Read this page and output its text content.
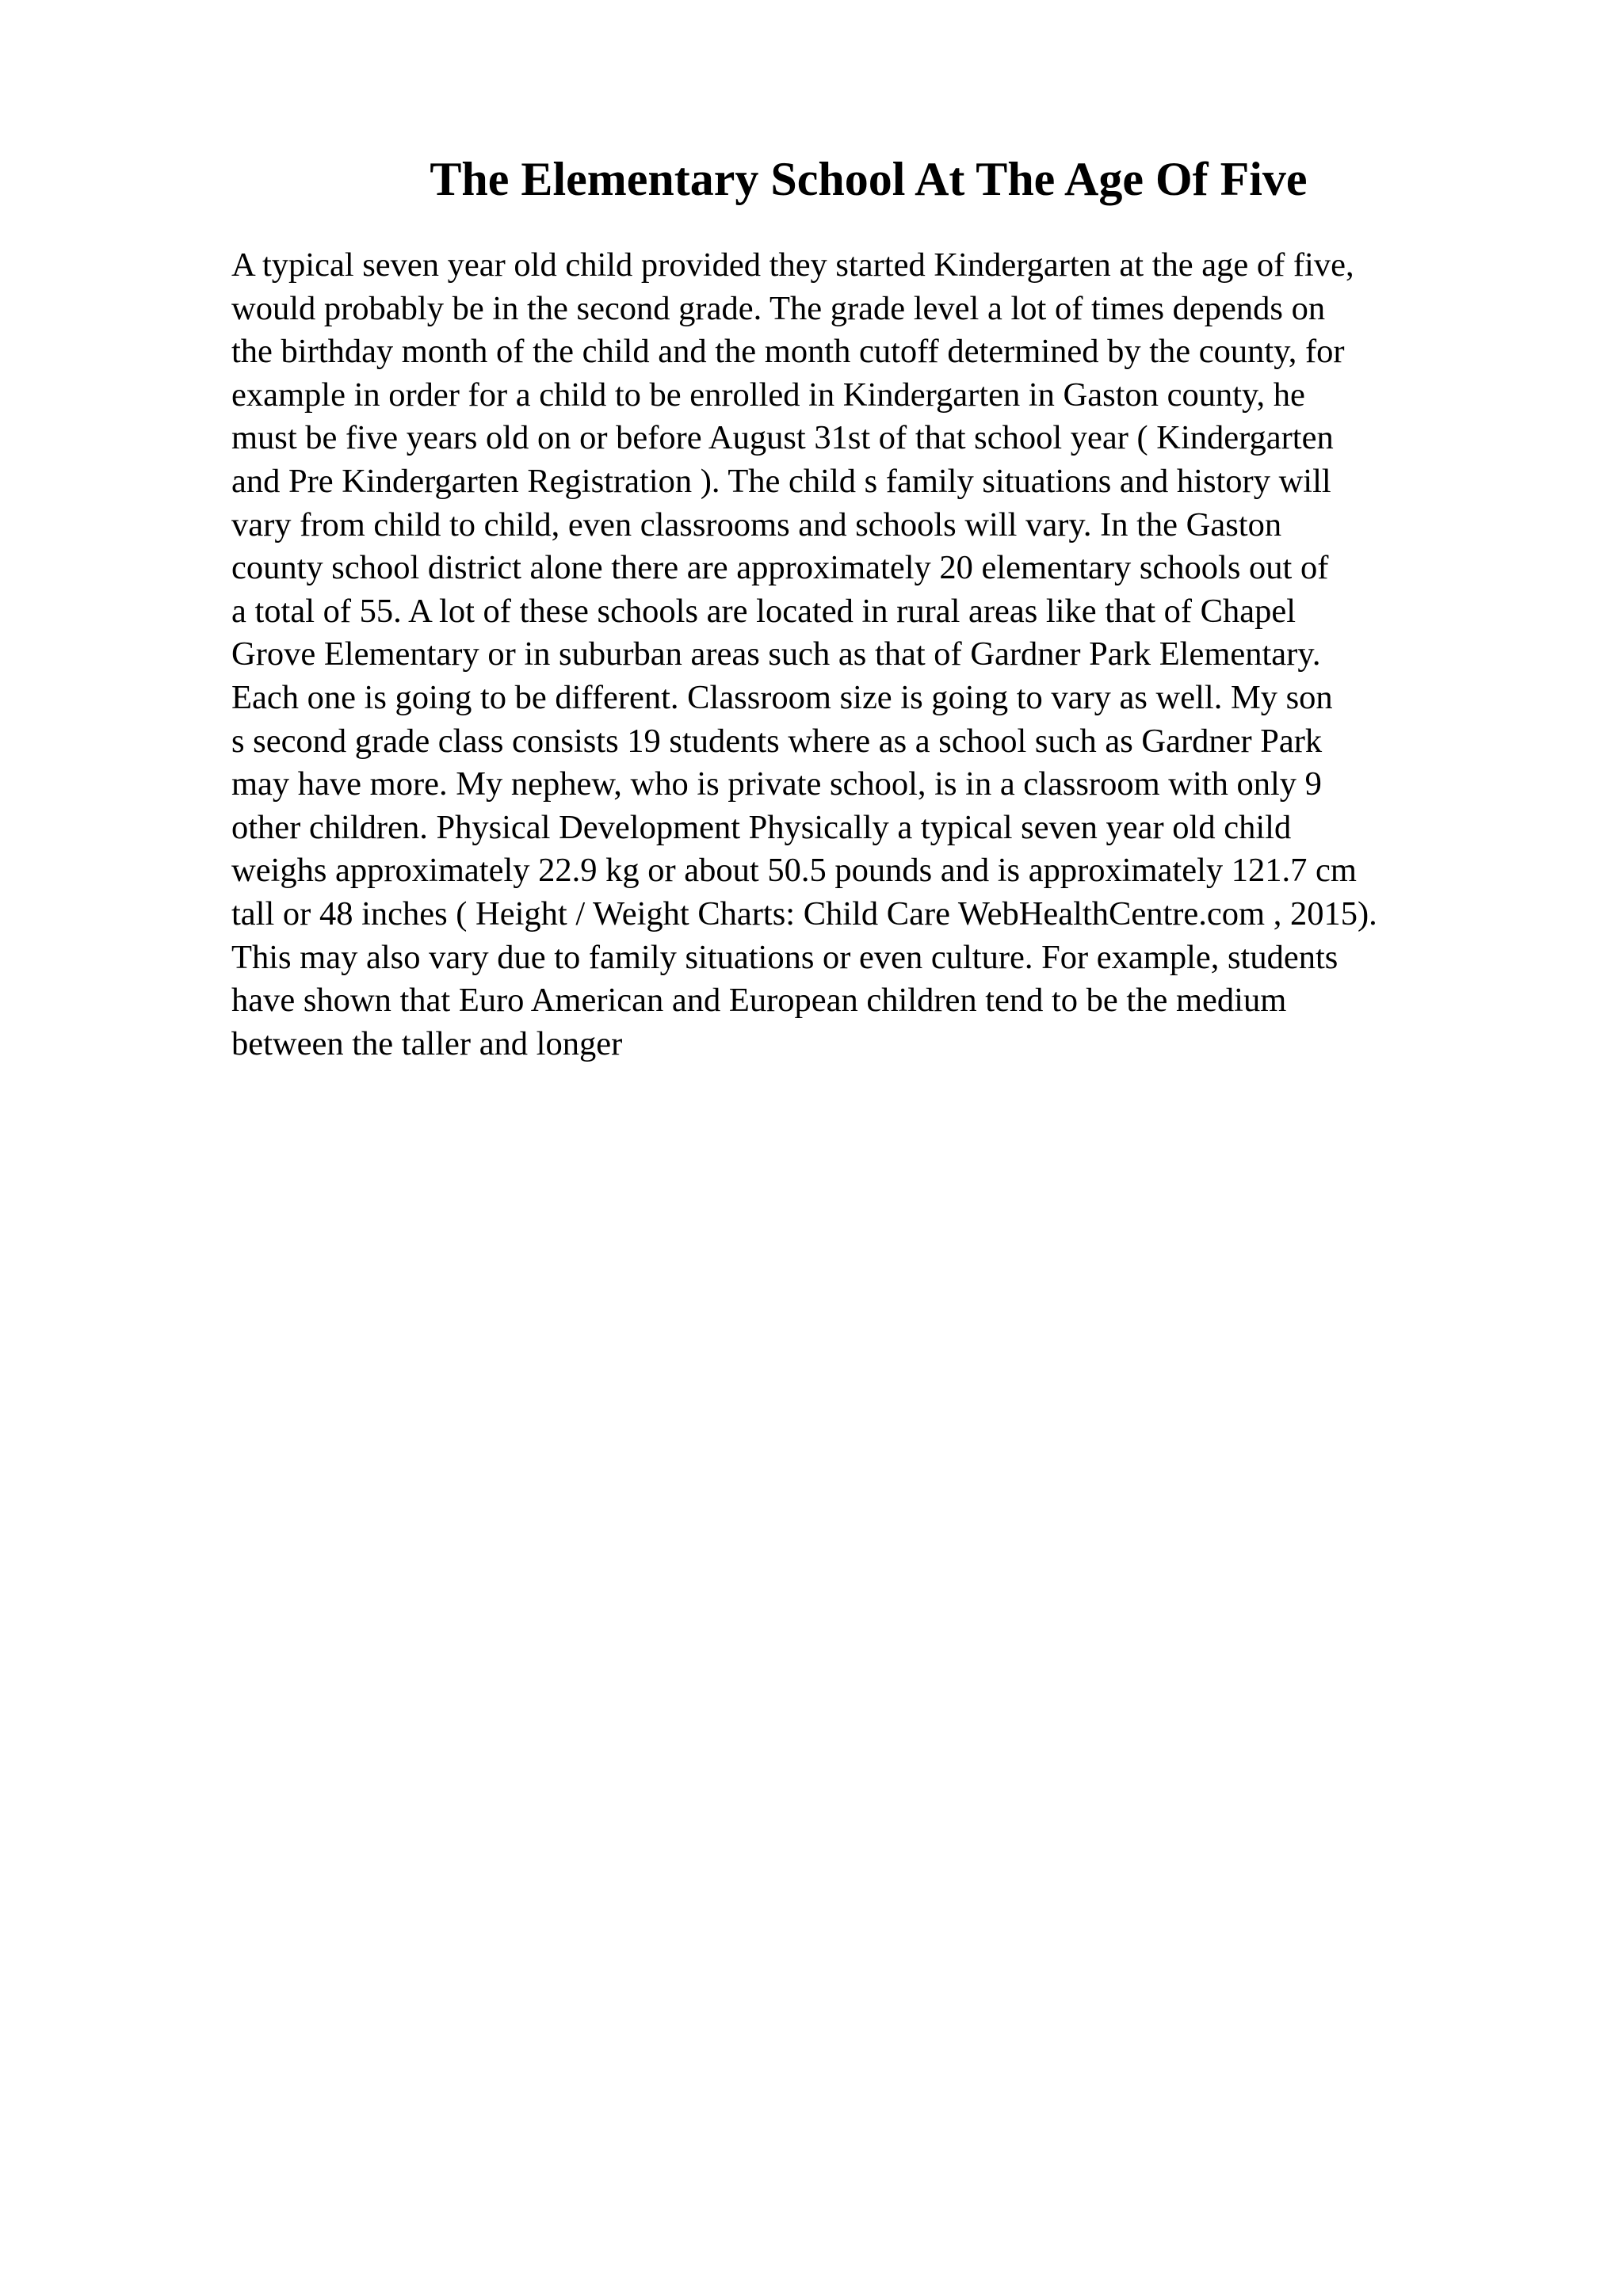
The Elementary School At The Age Of Five
A typical seven year old child provided they started Kindergarten at the age of five,
would probably be in the second grade. The grade level a lot of times depends on
the birthday month of the child and the month cutoff determined by the county, for
example in order for a child to be enrolled in Kindergarten in Gaston county, he
must be five years old on or before August 31st of that school year ( Kindergarten
and Pre Kindergarten Registration ). The child s family situations and history will
vary from child to child, even classrooms and schools will vary. In the Gaston
county school district alone there are approximately 20 elementary schools out of
a total of 55. A lot of these schools are located in rural areas like that of Chapel
Grove Elementary or in suburban areas such as that of Gardner Park Elementary.
Each one is going to be different. Classroom size is going to vary as well. My son
s second grade class consists 19 students where as a school such as Gardner Park
may have more. My nephew, who is private school, is in a classroom with only 9
other children. Physical Development Physically a typical seven year old child
weighs approximately 22.9 kg or about 50.5 pounds and is approximately 121.7 cm
tall or 48 inches ( Height / Weight Charts: Child Care WebHealthCentre.com , 2015).
This may also vary due to family situations or even culture. For example, students
have shown that Euro American and European children tend to be the medium
between the taller and longer
